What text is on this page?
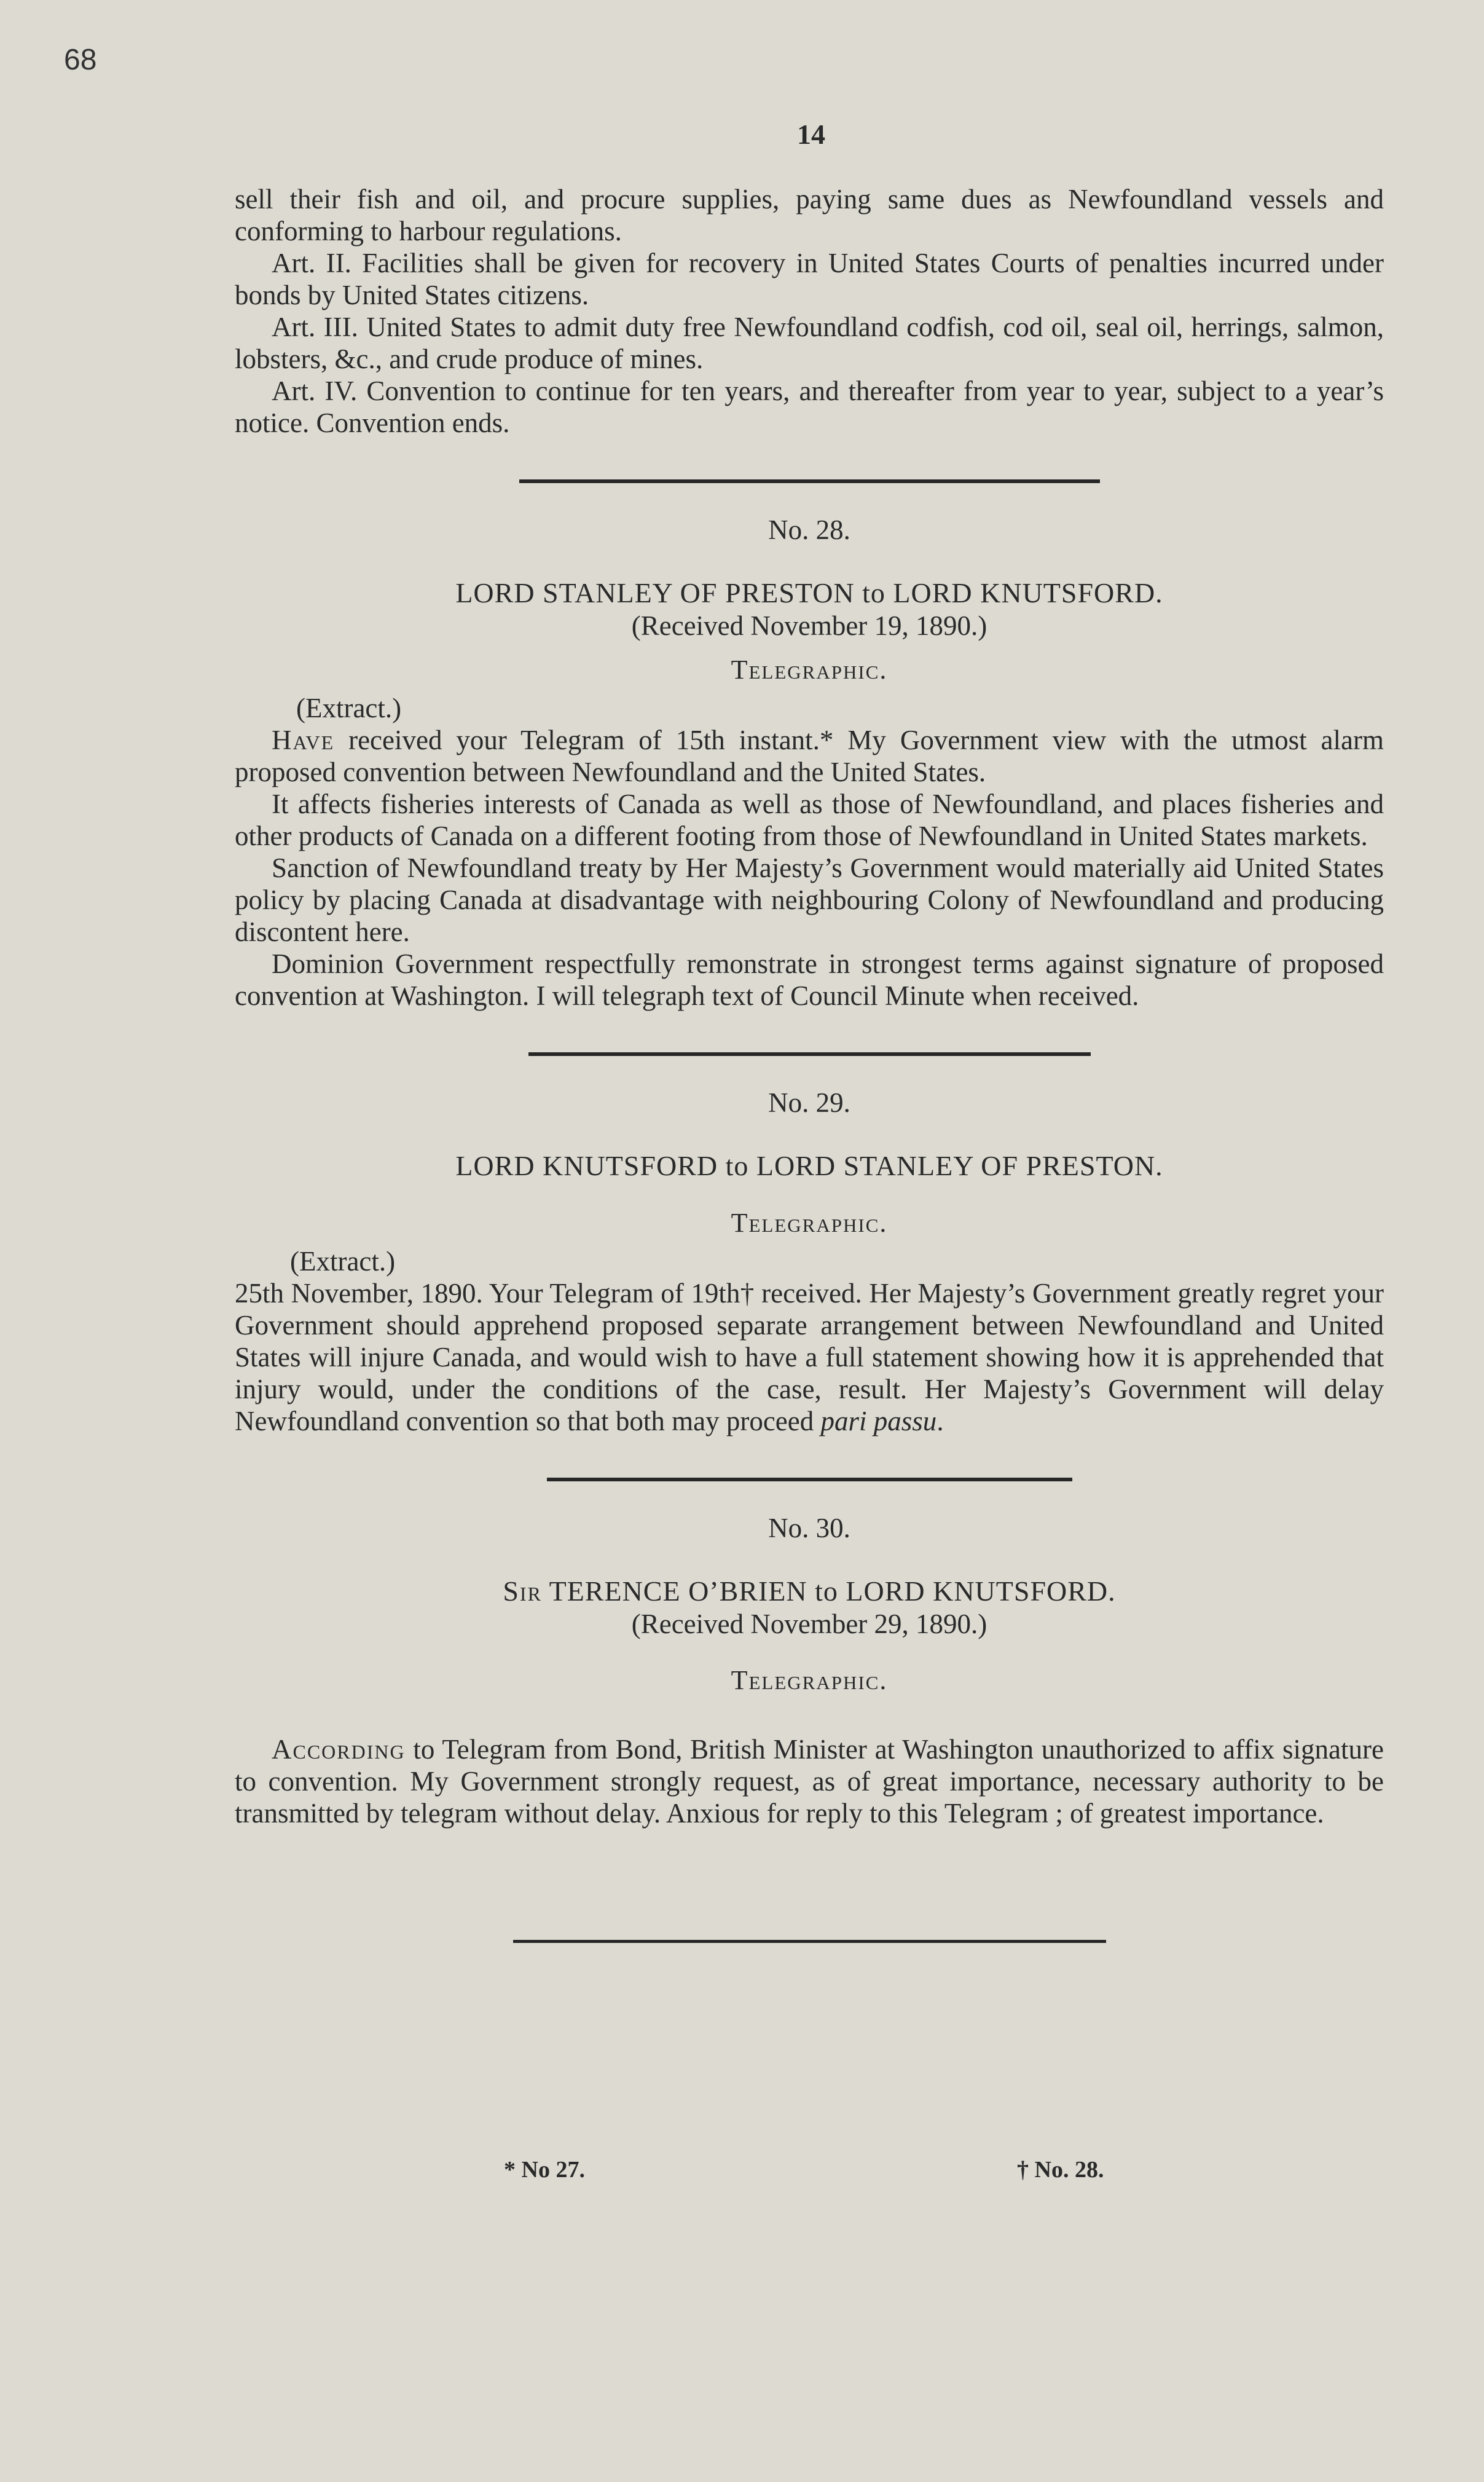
68
14

sell their fish and oil, and procure supplies, paying same dues as Newfoundland vessels and conforming to harbour regulations.

Art. II. Facilities shall be given for recovery in United States Courts of penalties incurred under bonds by United States citizens.

Art. III. United States to admit duty free Newfoundland codfish, cod oil, seal oil, herrings, salmon, lobsters, &c., and crude produce of mines.

Art. IV. Convention to continue for ten years, and thereafter from year to year, subject to a year’s notice. Convention ends.

No. 28.

LORD STANLEY OF PRESTON to LORD KNUTSFORD.

(Received November 19, 1890.)

Telegraphic.

(Extract.)

Have received your Telegram of 15th instant.* My Government view with the utmost alarm proposed convention between Newfoundland and the United States.

It affects fisheries interests of Canada as well as those of Newfoundland, and places fisheries and other products of Canada on a different footing from those of Newfoundland in United States markets.

Sanction of Newfoundland treaty by Her Majesty’s Government would materially aid United States policy by placing Canada at disadvantage with neighbouring Colony of Newfoundland and producing discontent here.

Dominion Government respectfully remonstrate in strongest terms against signature of proposed convention at Washington. I will telegraph text of Council Minute when received.

No. 29.

LORD KNUTSFORD to LORD STANLEY OF PRESTON.

Telegraphic.

(Extract.)

25th November, 1890. Your Telegram of 19th† received. Her Majesty’s Government greatly regret your Government should apprehend proposed separate arrangement between Newfoundland and United States will injure Canada, and would wish to have a full statement showing how it is apprehended that injury would, under the conditions of the case, result. Her Majesty’s Government will delay Newfoundland convention so that both may proceed pari passu.

No. 30.

Sir TERENCE O’BRIEN to LORD KNUTSFORD.

(Received November 29, 1890.)

Telegraphic.

According to Telegram from Bond, British Minister at Washington unauthorized to affix signature to convention. My Government strongly request, as of great importance, necessary authority to be transmitted by telegram without delay. Anxious for reply to this Telegram ; of greatest importance.

* No 27.	† No. 28.
